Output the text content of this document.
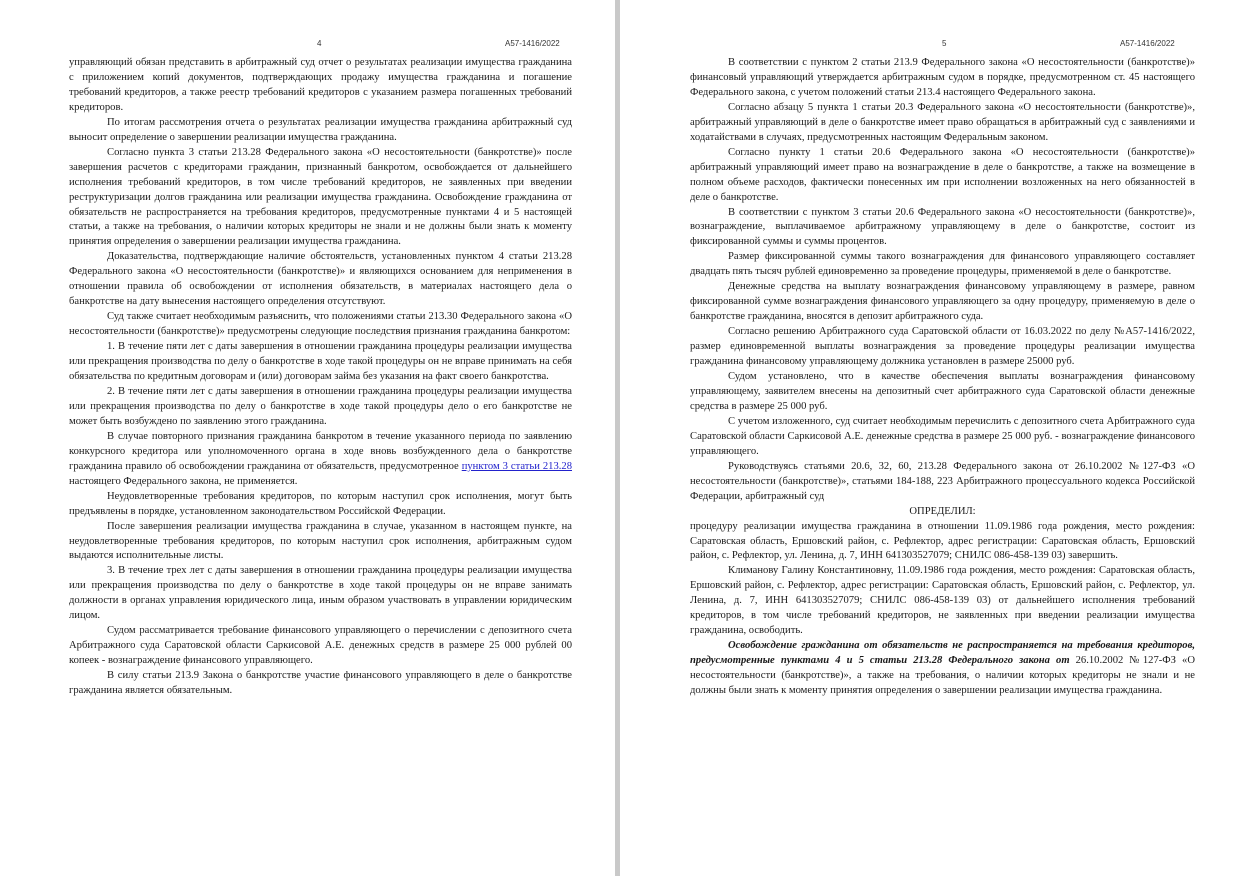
4	А57-1416/2022

управляющий обязан представить в арбитражный суд отчет о результатах реализации имущества гражданина с приложением копий документов, подтверждающих продажу имущества гражданина и погашение требований кредиторов, а также реестр требований кредиторов с указанием размера погашенных требований кредиторов.

По итогам рассмотрения отчета о результатах реализации имущества гражданина арбитражный суд выносит определение о завершении реализации имущества гражданина.

Согласно пункта 3 статьи 213.28 Федерального закона «О несостоятельности (банкротстве)» после завершения расчетов с кредиторами гражданин, признанный банкротом, освобождается от дальнейшего исполнения требований кредиторов, в том числе требований кредиторов, не заявленных при введении реструктуризации долгов гражданина или реализации имущества гражданина. Освобождение гражданина от обязательств не распространяется на требования кредиторов, предусмотренные пунктами 4 и 5 настоящей статьи, а также на требования, о наличии которых кредиторы не знали и не должны были знать к моменту принятия определения о завершении реализации имущества гражданина.

Доказательства, подтверждающие наличие обстоятельств, установленных пунктом 4 статьи 213.28 Федерального закона «О несостоятельности (банкротстве)» и являющихся основанием для неприменения в отношении правила об освобождении от исполнения обязательств, в материалах настоящего дела о банкротстве на дату вынесения настоящего определения отсутствуют.

Суд также считает необходимым разъяснить, что положениями статьи 213.30 Федерального закона «О несостоятельности (банкротстве)» предусмотрены следующие последствия признания гражданина банкротом:

1. В течение пяти лет с даты завершения в отношении гражданина процедуры реализации имущества или прекращения производства по делу о банкротстве в ходе такой процедуры он не вправе принимать на себя обязательства по кредитным договорам и (или) договорам займа без указания на факт своего банкротства.

2. В течение пяти лет с даты завершения в отношении гражданина процедуры реализации имущества или прекращения производства по делу о банкротстве в ходе такой процедуры дело о его банкротстве не может быть возбуждено по заявлению этого гражданина.

В случае повторного признания гражданина банкротом в течение указанного периода по заявлению конкурсного кредитора или уполномоченного органа в ходе вновь возбужденного дела о банкротстве гражданина правило об освобождении гражданина от обязательств, предусмотренное пунктом 3 статьи 213.28 настоящего Федерального закона, не применяется.

Неудовлетворенные требования кредиторов, по которым наступил срок исполнения, могут быть предъявлены в порядке, установленном законодательством Российской Федерации.

После завершения реализации имущества гражданина в случае, указанном в настоящем пункте, на неудовлетворенные требования кредиторов, по которым наступил срок исполнения, арбитражным судом выдаются исполнительные листы.

3. В течение трех лет с даты завершения в отношении гражданина процедуры реализации имущества или прекращения производства по делу о банкротстве в ходе такой процедуры он не вправе занимать должности в органах управления юридического лица, иным образом участвовать в управлении юридическим лицом.

Судом рассматривается требование финансового управляющего о перечислении с депозитного счета Арбитражного суда Саратовской области Саркисовой А.Е. денежных средств в размере 25 000 рублей 00 копеек - вознаграждение финансового управляющего.

В силу статьи 213.9 Закона о банкротстве участие финансового управляющего в деле о банкротстве гражданина является обязательным.

5	А57-1416/2022

В соответствии с пунктом 2 статьи 213.9 Федерального закона «О несостоятельности (банкротстве)» финансовый управляющий утверждается арбитражным судом в порядке, предусмотренном ст. 45 настоящего Федерального закона, с учетом положений статьи 213.4 настоящего Федерального закона.

Согласно абзацу 5 пункта 1 статьи 20.3 Федерального закона «О несостоятельности (банкротстве)», арбитражный управляющий в деле о банкротстве имеет право обращаться в арбитражный суд с заявлениями и ходатайствами в случаях, предусмотренных настоящим Федеральным законом.

Согласно пункту 1 статьи 20.6 Федерального закона «О несостоятельности (банкротстве)» арбитражный управляющий имеет право на вознаграждение в деле о банкротстве, а также на возмещение в полном объеме расходов, фактически понесенных им при исполнении возложенных на него обязанностей в деле о банкротстве.

В соответствии с пунктом 3 статьи 20.6 Федерального закона «О несостоятельности (банкротстве)», вознаграждение, выплачиваемое арбитражному управляющему в деле о банкротстве, состоит из фиксированной суммы и суммы процентов.

Размер фиксированной суммы такого вознаграждения для финансового управляющего составляет двадцать пять тысяч рублей единовременно за проведение процедуры, применяемой в деле о банкротстве.

Денежные средства на выплату вознаграждения финансовому управляющему в размере, равном фиксированной сумме вознаграждения финансового управляющего за одну процедуру, применяемую в деле о банкротстве гражданина, вносятся в депозит арбитражного суда.

Согласно решению Арбитражного суда Саратовской области от 16.03.2022 по делу №А57-1416/2022, размер единовременной выплаты вознаграждения за проведение процедуры реализации имущества гражданина финансовому управляющему должника установлен в размере 25000 руб.

Судом установлено, что в качестве обеспечения выплаты вознаграждения финансовому управляющему, заявителем внесены на депозитный счет арбитражного суда Саратовской области денежные средства в размере 25 000 руб.

С учетом изложенного, суд считает необходимым перечислить с депозитного счета Арбитражного суда Саратовской области Саркисовой А.Е. денежные средства в размере 25 000 руб. - вознаграждение финансового управляющего.

Руководствуясь статьями 20.6, 32, 60, 213.28 Федерального закона от 26.10.2002 №127-ФЗ «О несостоятельности (банкротстве)», статьями 184-188, 223 Арбитражного процессуального кодекса Российской Федерации, арбитражный суд

ОПРЕДЕЛИЛ:

процедуру реализации имущества гражданина в отношении 11.09.1986 года рождения, место рождения: Саратовская область, Ершовский район, с. Рефлектор, адрес регистрации: Саратовская область, Ершовский район, с. Рефлектор, ул. Ленина, д. 7, ИНН 641303527079; СНИЛС 086-458-139 03) завершить.

Климанову Галину Константиновну, 11.09.1986 года рождения, место рождения: Саратовская область, Ершовский район, с. Рефлектор, адрес регистрации: Саратовская область, Ершовский район, с. Рефлектор, ул. Ленина, д. 7, ИНН 641303527079; СНИЛС 086-458-139 03) от дальнейшего исполнения требований кредиторов, в том числе требований кредиторов, не заявленных при введении реализации имущества гражданина, освободить.

Освобождение гражданина от обязательств не распространяется на требования кредиторов, предусмотренные пунктами 4 и 5 статьи 213.28 Федерального закона от 26.10.2002 №127-ФЗ «О несостоятельности (банкротстве)», а также на требования, о наличии которых кредиторы не знали и не должны были знать к моменту принятия определения о завершении реализации имущества гражданина.
